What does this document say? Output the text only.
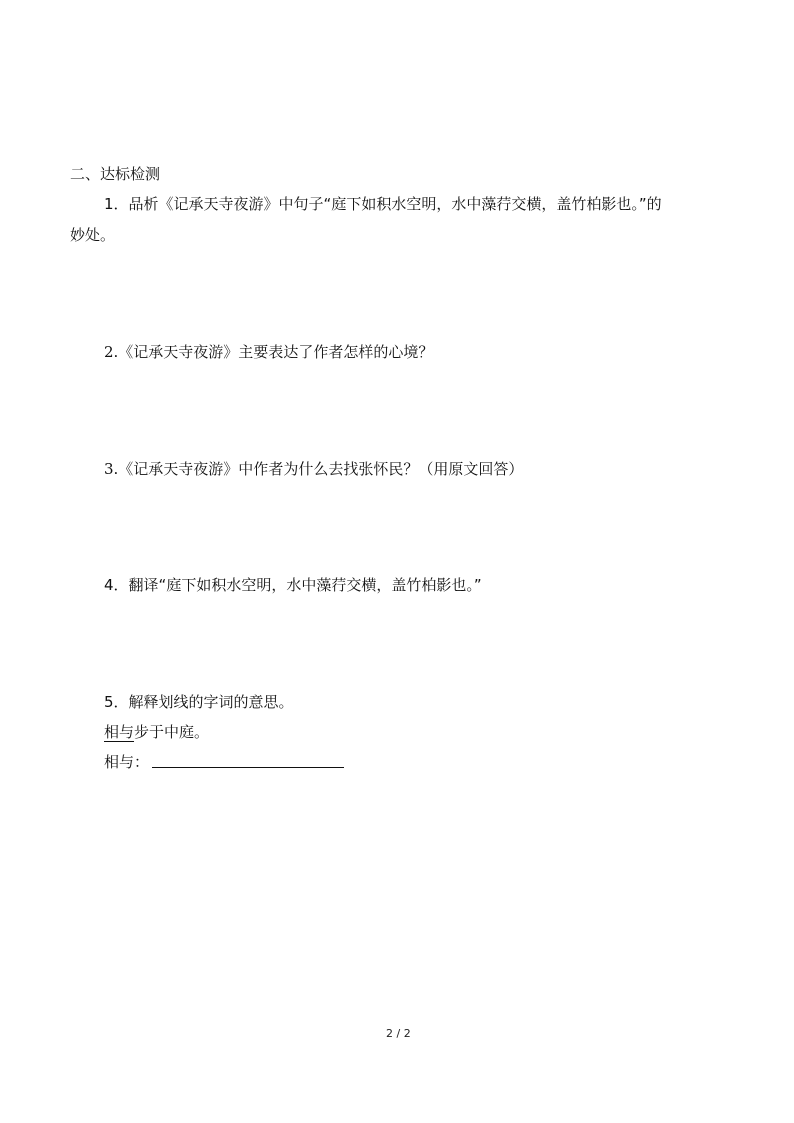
二、达标检测
1．品析《记承天寺夜游》中句子“庭下如积水空明，水中藻荇交横，盖竹柏影也。”的
妙处。
2.《记承天寺夜游》主要表达了作者怎样的心境？
3.《记承天寺夜游》中作者为什么去找张怀民？（用原文回答）
4．翻译“庭下如积水空明，水中藻荇交横，盖竹柏影也。”
5．解释划线的字词的意思。
相与步于中庭。
相与：
2 / 2
